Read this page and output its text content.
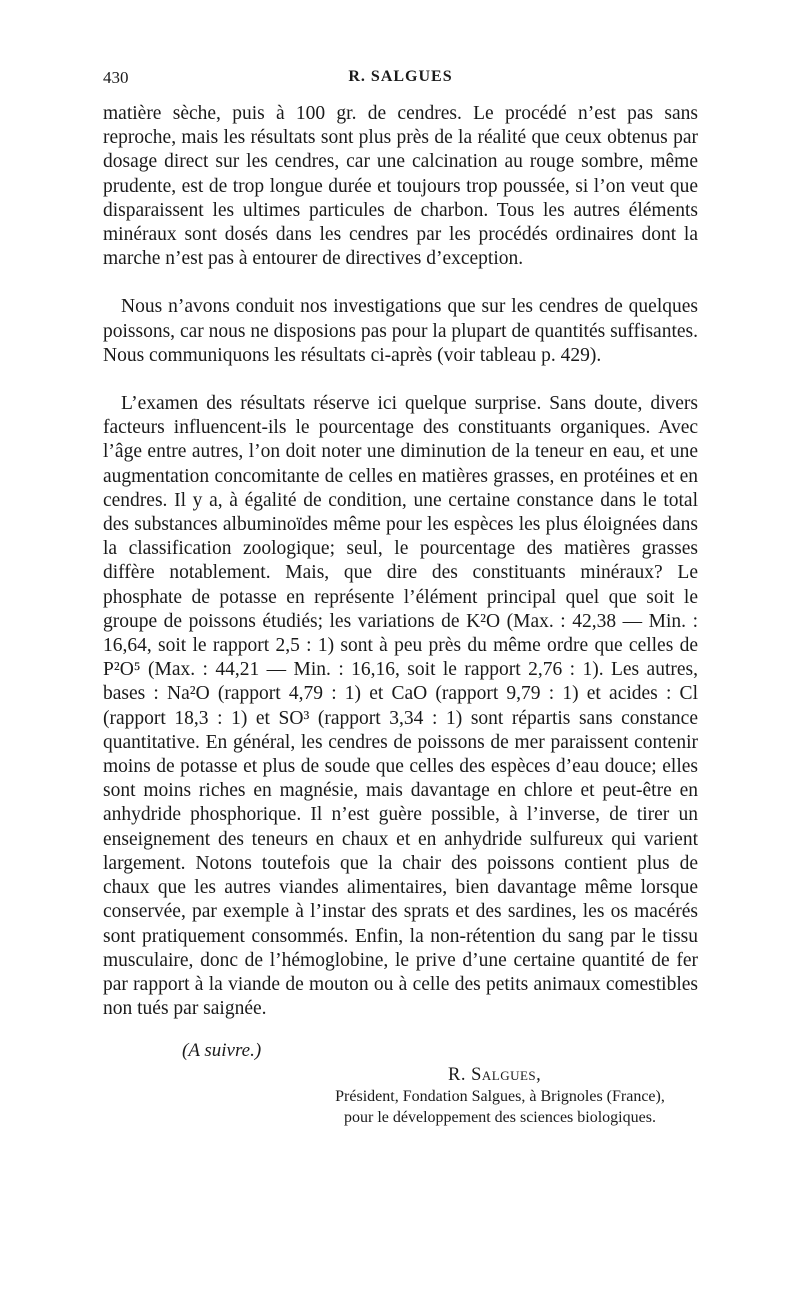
430	R. SALGUES

matière sèche, puis à 100 gr. de cendres. Le procédé n’est pas sans reproche, mais les résultats sont plus près de la réalité que ceux obtenus par dosage direct sur les cendres, car une calcination au rouge sombre, même prudente, est de trop longue durée et toujours trop poussée, si l’on veut que disparaissent les ultimes particules de charbon. Tous les autres éléments minéraux sont dosés dans les cendres par les procédés ordinaires dont la marche n’est pas à entourer de directives d’exception.

Nous n’avons conduit nos investigations que sur les cendres de quelques poissons, car nous ne disposions pas pour la plupart de quantités suffisantes. Nous communiquons les résultats ci-après (voir tableau p. 429).

L’examen des résultats réserve ici quelque surprise. Sans doute, divers facteurs influencent-ils le pourcentage des constituants organiques. Avec l’âge entre autres, l’on doit noter une diminution de la teneur en eau, et une augmentation concomitante de celles en matières grasses, en protéines et en cendres. Il y a, à égalité de condition, une certaine constance dans le total des substances albuminoïdes même pour les espèces les plus éloignées dans la classification zoologique; seul, le pourcentage des matières grasses diffère notablement. Mais, que dire des constituants minéraux? Le phosphate de potasse en représente l’élément principal quel que soit le groupe de poissons étudiés; les variations de K²O (Max. : 42,38 — Min. : 16,64, soit le rapport 2,5 : 1) sont à peu près du même ordre que celles de P²O⁵ (Max. : 44,21 — Min. : 16,16, soit le rapport 2,76 : 1). Les autres, bases : Na²O (rapport 4,79 : 1) et CaO (rapport 9,79 : 1) et acides : Cl (rapport 18,3 : 1) et SO³ (rapport 3,34 : 1) sont répartis sans constance quantitative. En général, les cendres de poissons de mer paraissent contenir moins de potasse et plus de soude que celles des espèces d’eau douce; elles sont moins riches en magnésie, mais davantage en chlore et peut-être en anhydride phosphorique. Il n’est guère possible, à l’inverse, de tirer un enseignement des teneurs en chaux et en anhydride sulfureux qui varient largement. Notons toutefois que la chair des poissons contient plus de chaux que les autres viandes alimentaires, bien davantage même lorsque conservée, par exemple à l’instar des sprats et des sardines, les os macérés sont pratiquement consommés. Enfin, la non-rétention du sang par le tissu musculaire, donc de l’hémoglobine, le prive d’une certaine quantité de fer par rapport à la viande de mouton ou à celle des petits animaux comestibles non tués par saignée.

(A suivre.)
R. Salgues,
Président, Fondation Salgues, à Brignoles (France),
pour le développement des sciences biologiques.
